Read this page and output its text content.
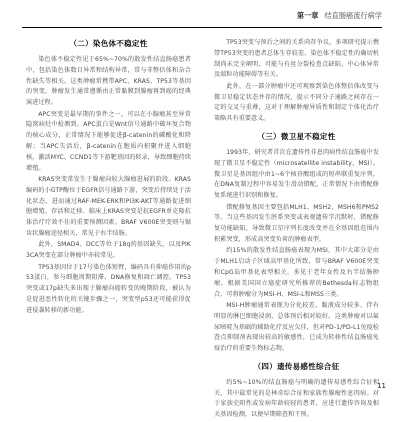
第一章 结直肠癌流行病学
（二）染色体不稳定性

染色体不稳定性见于65%~70%的散发性结直肠癌患者中，包括染色体数目异常和结构异常，常与非整倍体和杂合性缺失等相关。这类肿瘤常携带APC、KRAS、TP53等基因的突变，肿瘤发生通常遵循由正常黏膜到腺瘤再到癌的经典演进过程。

APC突变是最早期的事件之一，可以在小腺瘤甚至异常隐窝病灶中检测到。APC蛋白是Wnt信号通路中破坏复合物的核心成分，正常情况下能够促进β-catenin的磷酸化和降解；当APC失活后，β-catenin在胞质内积聚并进入细胞核，激活MYC、CCND1等下游靶基因的转录，导致细胞持续增殖。

KRAS突变常发生于腺瘤向较大腺瘤进展的阶段。KRAS编码的小GTP酶位于EGFR信号通路下游，突变后持续处于活化状态，进而通过RAF-MEK-ERK和PI3K-AKT等通路促进细胞增殖、存活和迁移。临床上KRAS突变是抗EGFR单克隆抗体治疗疗效不佳的重要预测因素。BRAF V600E突变则与锯齿状腺瘤途径相关，常见于右半结肠。

此外，SMAD4、DCC等位于18q的基因缺失，以及PIK3CA突变在部分肿瘤中亦较常见。

TP53基因位于17号染色体短臂，编码具有抑癌作用的p53蛋白，参与细胞周期阻滞、DNA修复和凋亡调控。TP53突变或17p缺失多出现于腺瘤向癌转变的晚期阶段，被认为是促进恶性转化的关键步骤之一，突变型p53还可能获得促进侵袭转移的新功能。

TP53突变与预后之间的关系尚存争议，多项研究提示携带TP53突变的患者总体生存较差。染色体不稳定性的确切机制尚未完全阐明，可能与有丝分裂检查点缺陷、中心体异常及端粒功能障碍等有关。

此外，在一部分肿瘤中还可观察到染色体整倍体改变与微卫星稳定状态并存的情况，提示不同分子通路之间存在一定的交叉与重叠，这对于理解肿瘤异质性和制定个体化治疗策略具有重要意义。

（三）微卫星不稳定性

1993年，研究者首次在遗传性非息肉病性结直肠癌中发现了微卫星不稳定性（microsatellite instability，MSI）。微卫星是基因组中由1~6个核苷酸组成的短串联重复序列，在DNA复制过程中容易发生滑动错配，正常情况下由错配修复系统进行识别和修复。

错配修复基因主要包括MLH1、MSH2、MSH6和PMS2等。当这些基因发生胚系突变或表观遗传学沉默时，错配修复功能缺陷，导致微卫星序列长度改变并在全基因组范围内积累突变，形成高突变负荷的肿瘤表型。

约15%的散发性结直肠癌表现为MSI，其中大部分是由于MLH1启动子区域高甲基化所致，常与BRAF V600E突变和CpG岛甲基化表型相关，多见于老年女性及右半结肠肿瘤。根据美国国立癌症研究所推荐的Bethesda标志物组合，可将肿瘤分为MSI-H、MSI-L和MSS三类。

MSI-H肿瘤通常表现为分化较差、黏液成分较多、伴有明显的淋巴细胞浸润，总体预后相对较好。这类肿瘤对以氟尿嘧啶为基础的辅助化疗反应欠佳，但对PD-1/PD-L1免疫检查点抑制剂表现出较高的敏感性，已成为转移性结直肠癌免疫治疗的重要生物标志物。

（四）遗传易感性综合征

约5%~10%的结直肠癌与明确的遗传易感性综合征相关，其中最常见的是林奇综合征和家族性腺瘤性息肉病。对于家族史阳性或发病年龄较轻的患者，应进行遗传咨询及相关基因检测，以便早期筛查和干预。

11
